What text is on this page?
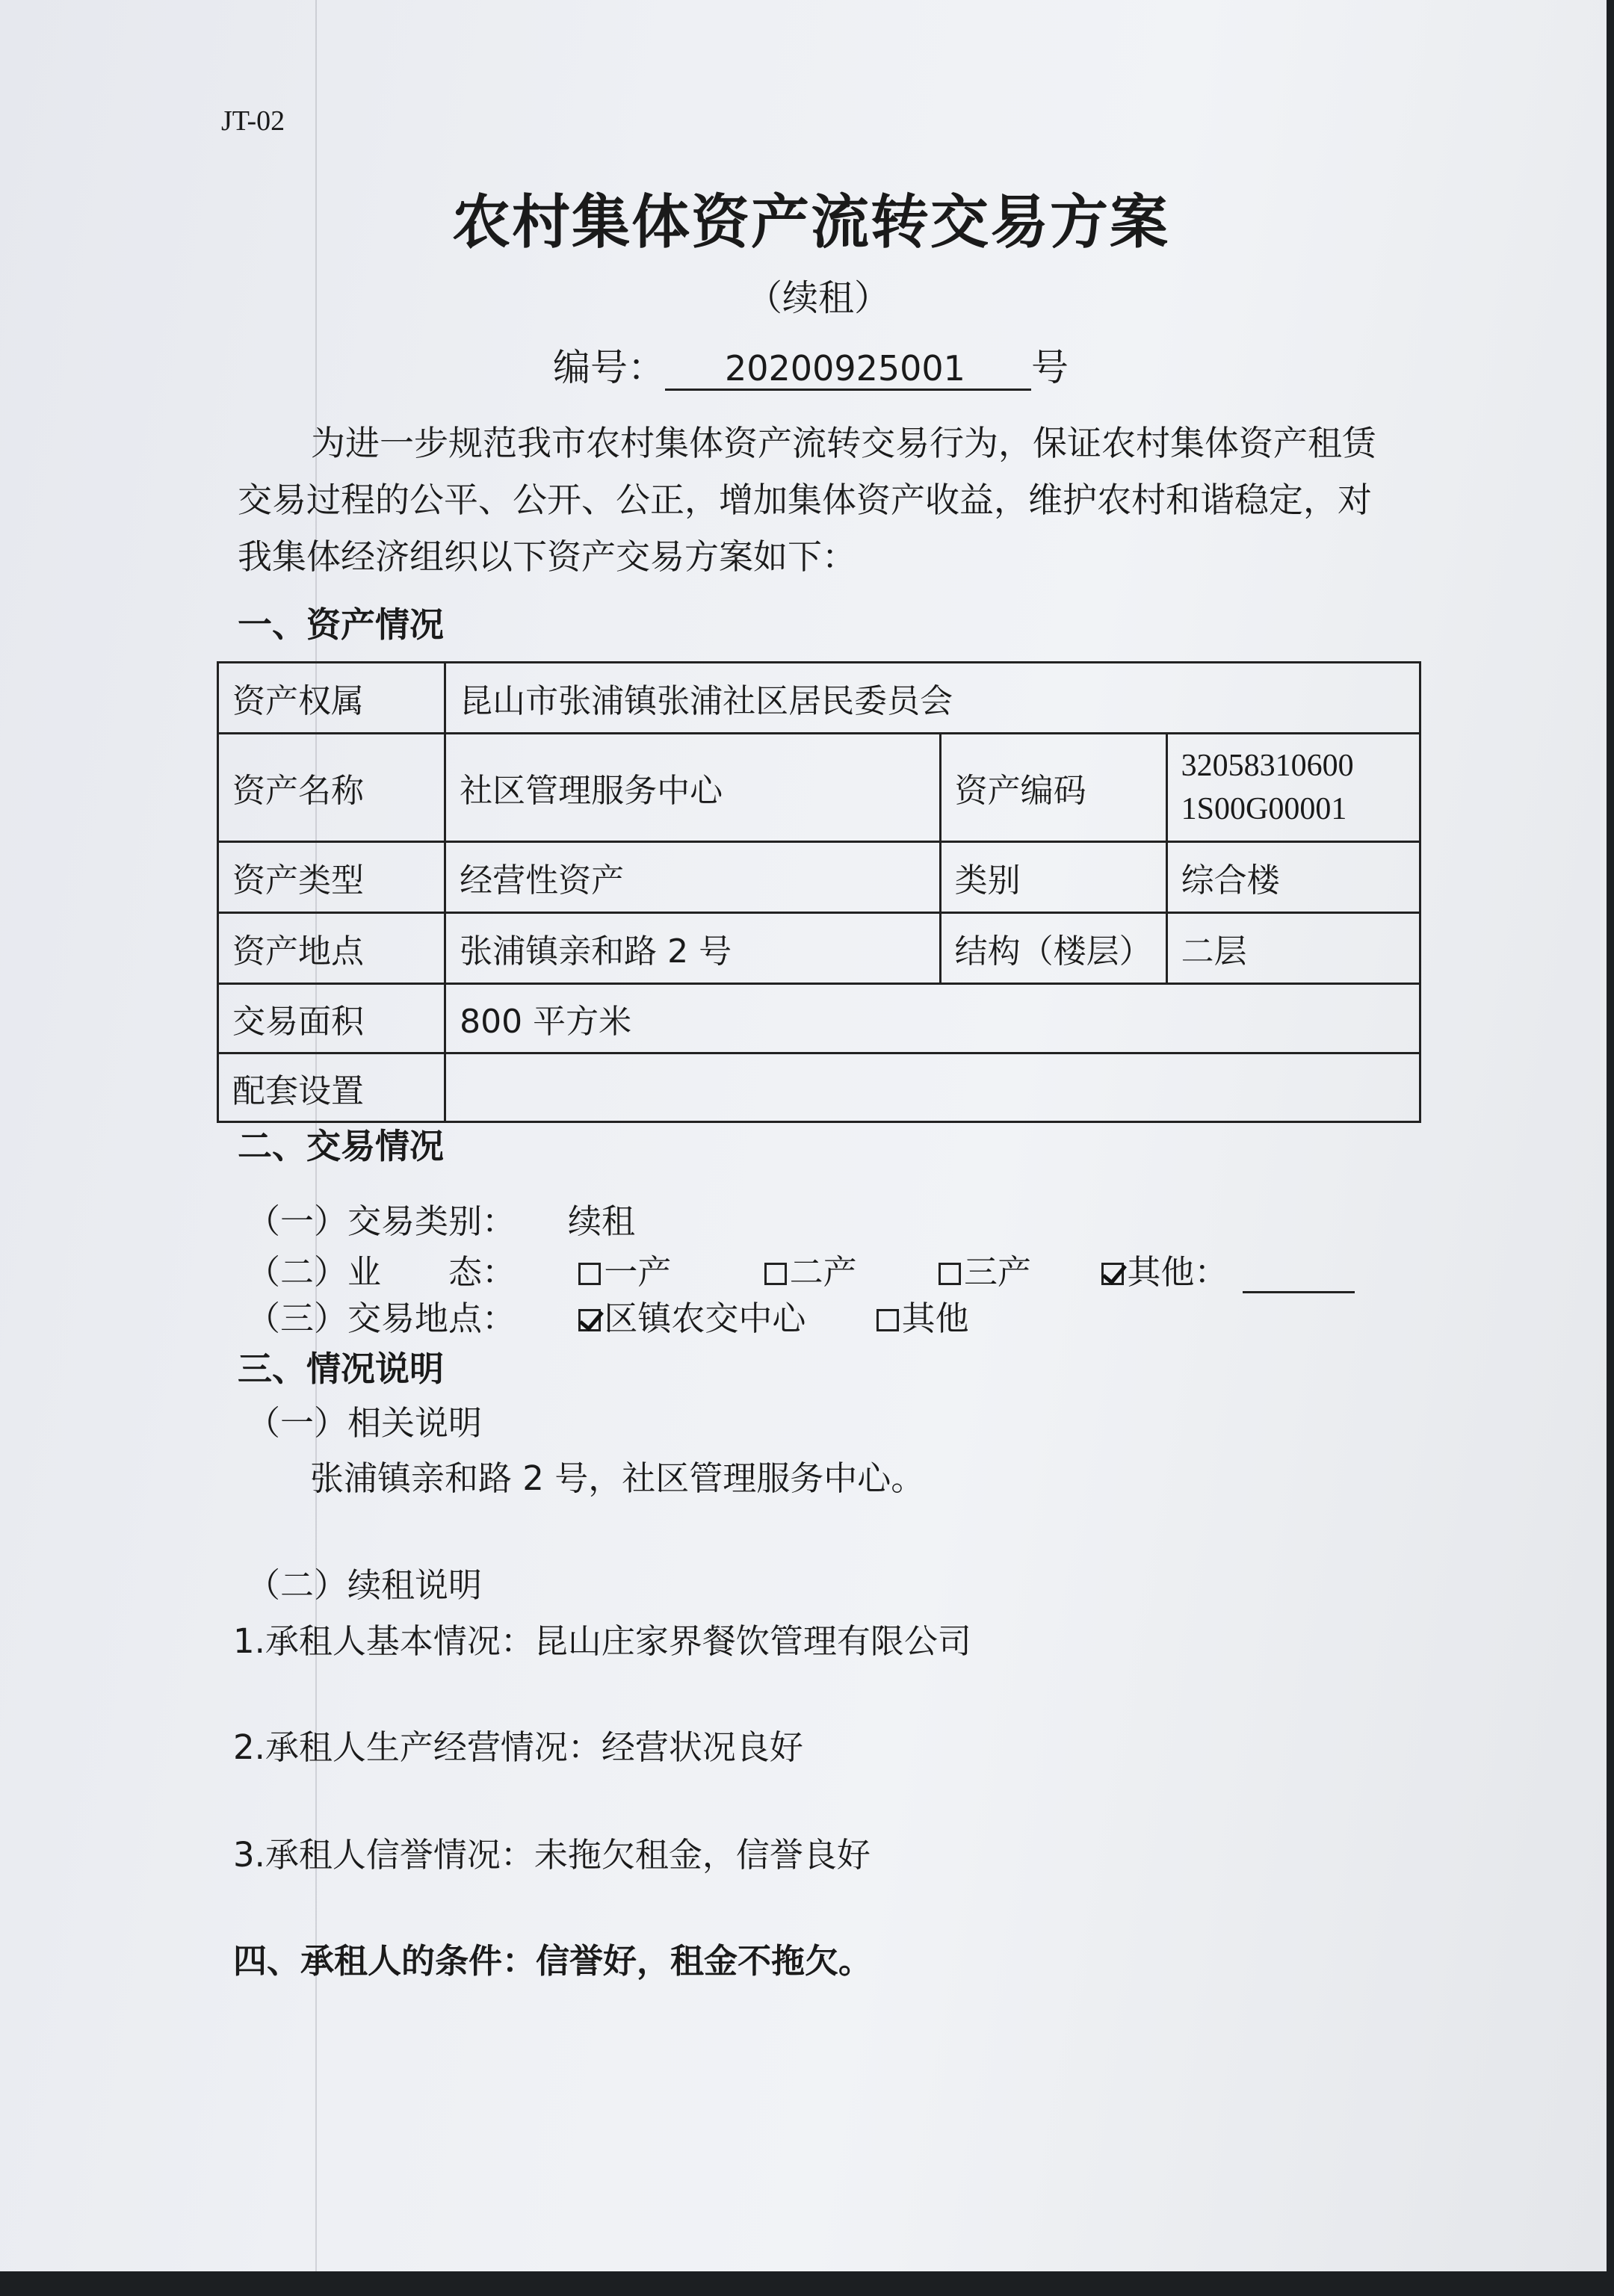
JT-02
农村集体资产流转交易方案
（续租）
编号： 20200925001 号
为进一步规范我市农村集体资产流转交易行为，保证农村集体资产租赁交易过程的公平、公开、公正，增加集体资产收益，维护农村和谐稳定，对我集体经济组织以下资产交易方案如下：
一、资产情况
资产权属	昆山市张浦镇张浦社区居民委员会		
资产名称	社区管理服务中心	资产编码	32058310600
1S00G00001

资产类型	经营性资产	类别	综合楼
资产地点	张浦镇亲和路 2 号	结构（楼层）	二层
交易面积	800 平方米		
配套设置			
二、交易情况
（一）交易类别： 续租
（二）业　　态：	一产	二产	三产	其他：
（三）交易地点：	区镇农交中心	其他
三、情况说明
（一）相关说明
张浦镇亲和路 2 号，社区管理服务中心。
（二）续租说明
1.承租人基本情况：昆山庄家界餐饮管理有限公司
2.承租人生产经营情况：经营状况良好
3.承租人信誉情况：未拖欠租金，信誉良好
四、承租人的条件：信誉好，租金不拖欠。
